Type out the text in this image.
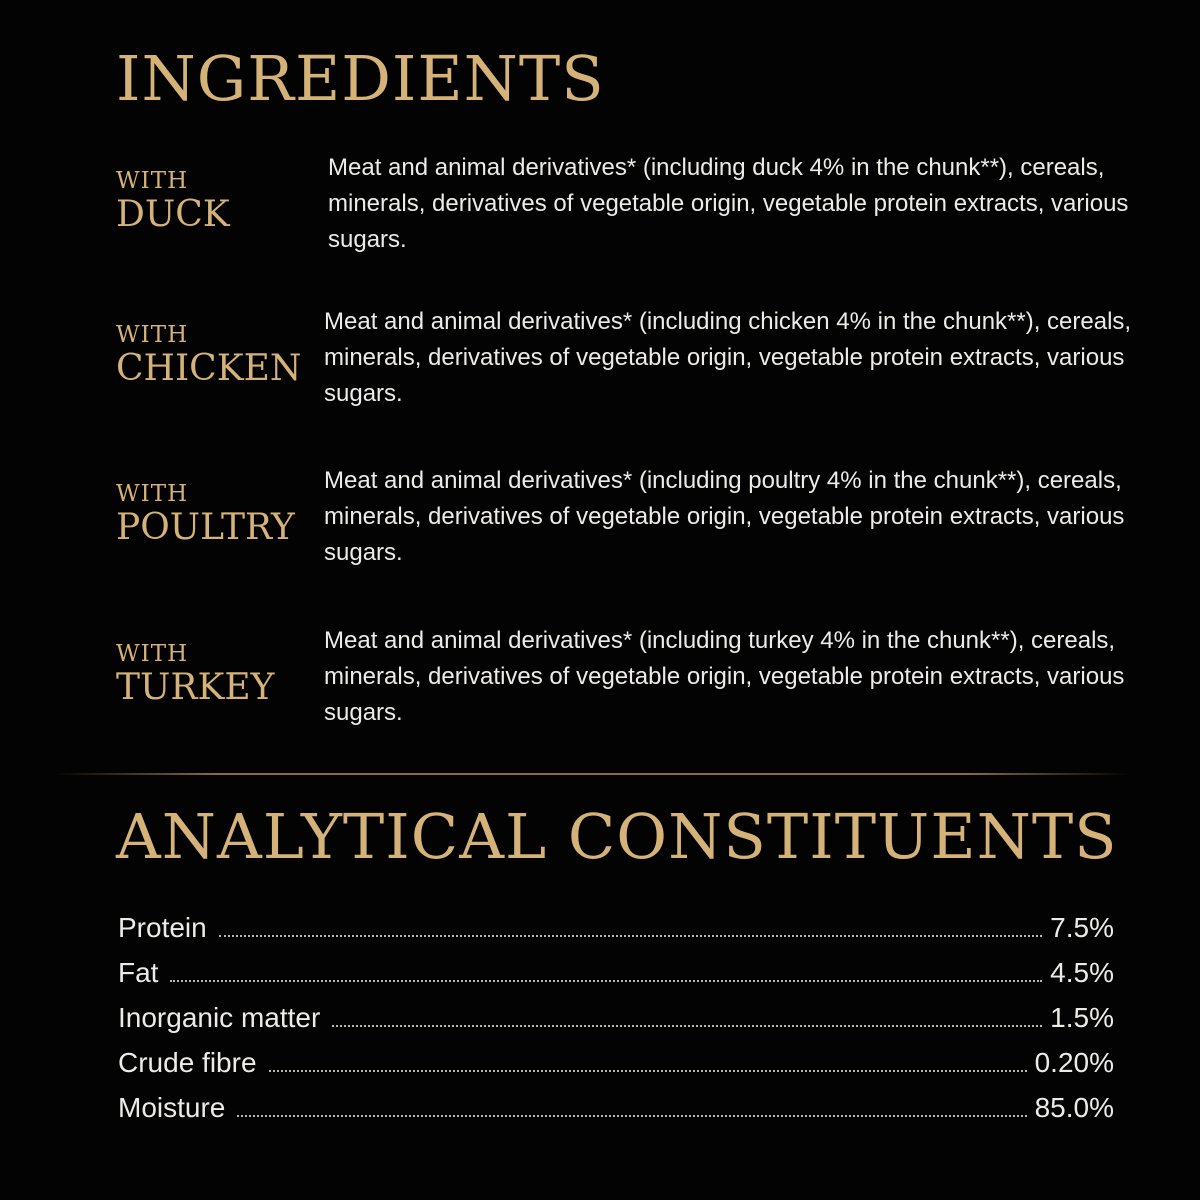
INGREDIENTS
WITH
DUCK

Meat and animal derivatives* (including duck 4% in the chunk**), cereals, minerals, derivatives of vegetable origin, vegetable protein extracts, various sugars.

WITH
CHICKEN

Meat and animal derivatives* (including chicken 4% in the chunk**), cereals, minerals, derivatives of vegetable origin, vegetable protein extracts, various sugars.

WITH
POULTRY

Meat and animal derivatives* (including poultry 4% in the chunk**), cereals, minerals, derivatives of vegetable origin, vegetable protein extracts, various sugars.

WITH
TURKEY

Meat and animal derivatives* (including turkey 4% in the chunk**), cereals, minerals, derivatives of vegetable origin, vegetable protein extracts, various sugars.

ANALYTICAL CONSTITUENTS
Protein	7.5%
Fat	4.5%
Inorganic matter	1.5%
Crude fibre	0.20%
Moisture	85.0%
